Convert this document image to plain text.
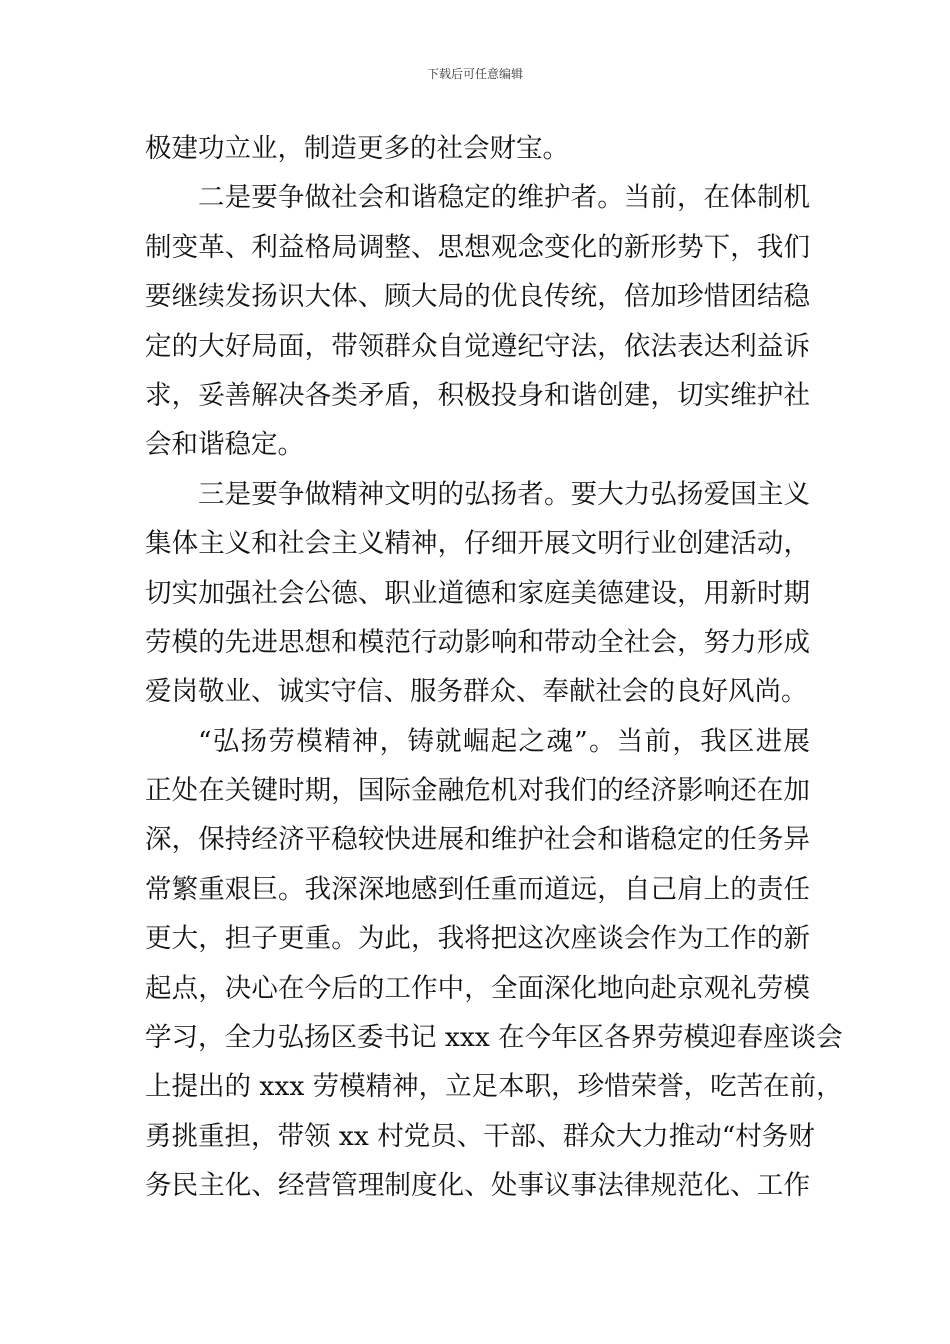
下载后可任意编辑
极建功立业，制造更多的社会财宝。
二是要争做社会和谐稳定的维护者。当前，在体制机
制变革、利益格局调整、思想观念变化的新形势下，我们
要继续发扬识大体、顾大局的优良传统，倍加珍惜团结稳
定的大好局面，带领群众自觉遵纪守法，依法表达利益诉
求，妥善解决各类矛盾，积极投身和谐创建，切实维护社
会和谐稳定。
三是要争做精神文明的弘扬者。要大力弘扬爱国主义
集体主义和社会主义精神，仔细开展文明行业创建活动，
切实加强社会公德、职业道德和家庭美德建设，用新时期
劳模的先进思想和模范行动影响和带动全社会，努力形成
爱岗敬业、诚实守信、服务群众、奉献社会的良好风尚。
“弘扬劳模精神，铸就崛起之魂”。当前，我区进展
正处在关键时期，国际金融危机对我们的经济影响还在加
深，保持经济平稳较快进展和维护社会和谐稳定的任务异
常繁重艰巨。我深深地感到任重而道远，自己肩上的责任
更大，担子更重。为此，我将把这次座谈会作为工作的新
起点，决心在今后的工作中，全面深化地向赴京观礼劳模
学习，全力弘扬区委书记 xxx 在今年区各界劳模迎春座谈会
上提出的 xxx 劳模精神，立足本职，珍惜荣誉，吃苦在前，
勇挑重担，带领 xx 村党员、干部、群众大力推动“村务财
务民主化、经营管理制度化、处事议事法律规范化、工作
